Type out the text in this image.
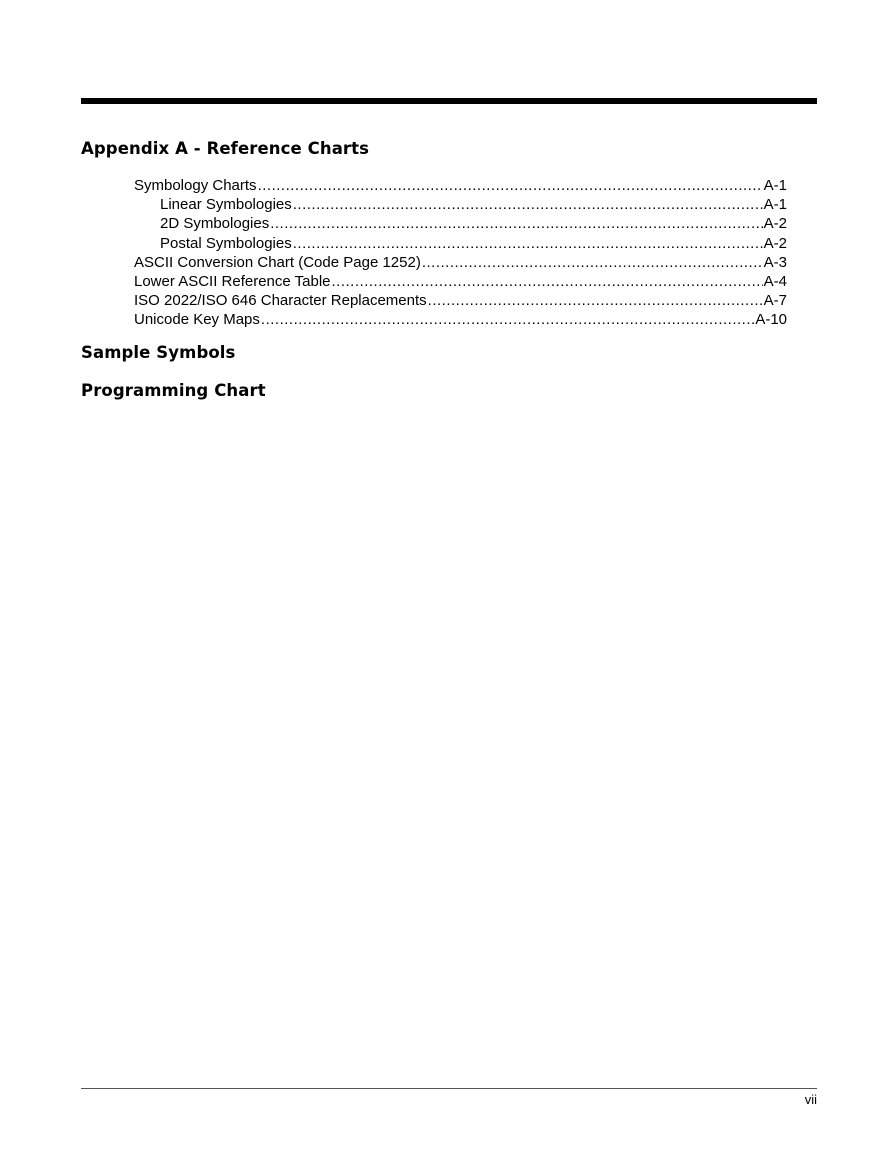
Appendix A - Reference Charts
Symbology Charts .....	A-1
Linear Symbologies .....	A-1
2D Symbologies .....	A-2
Postal Symbologies .....	A-2
ASCII Conversion Chart (Code Page 1252) .....	A-3
Lower ASCII Reference Table .....	A-4
ISO 2022/ISO 646 Character Replacements .....	A-7
Unicode Key Maps .....	A-10
Sample Symbols
Programming Chart
vii
